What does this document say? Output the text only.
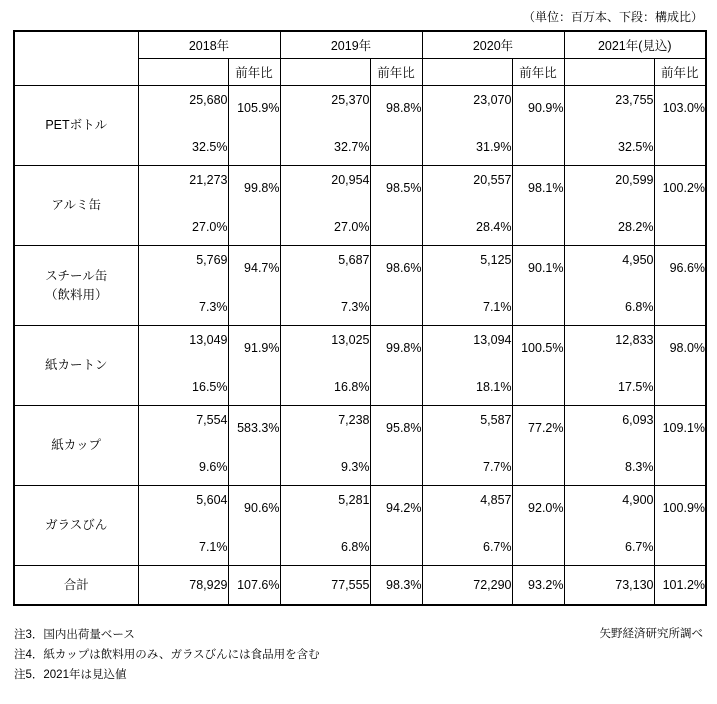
（単位：百万本、下段：構成比）
	2018年		2019年		2020年		2021年(見込)	
		前年比		前年比		前年比		前年比
PETボトル	25,680	105.9%	25,370	98.8%	23,070	90.9%	23,755	103.0%
	32.5%		32.7%		31.9%		32.5%	
アルミ缶	21,273	99.8%	20,954	98.5%	20,557	98.1%	20,599	100.2%
	27.0%		27.0%		28.4%		28.2%	
スチール缶
（飲料用）	5,769	94.7%	5,687	98.6%	5,125	90.1%	4,950	96.6%
	7.3%		7.3%		7.1%		6.8%	
紙カートン	13,049	91.9%	13,025	99.8%	13,094	100.5%	12,833	98.0%
	16.5%		16.8%		18.1%		17.5%	
紙カップ	7,554	583.3%	7,238	95.8%	5,587	77.2%	6,093	109.1%
	9.6%		9.3%		7.7%		8.3%	
ガラスびん	5,604	90.6%	5,281	94.2%	4,857	92.0%	4,900	100.9%
	7.1%		6.8%		6.7%		6.7%	
合計	78,929	107.6%	77,555	98.3%	72,290	93.2%	73,130	101.2%
注3．国内出荷量ベース
注4．紙カップは飲料用のみ、ガラスびんには食品用を含む
注5．2021年は見込値
矢野経済研究所調べ
